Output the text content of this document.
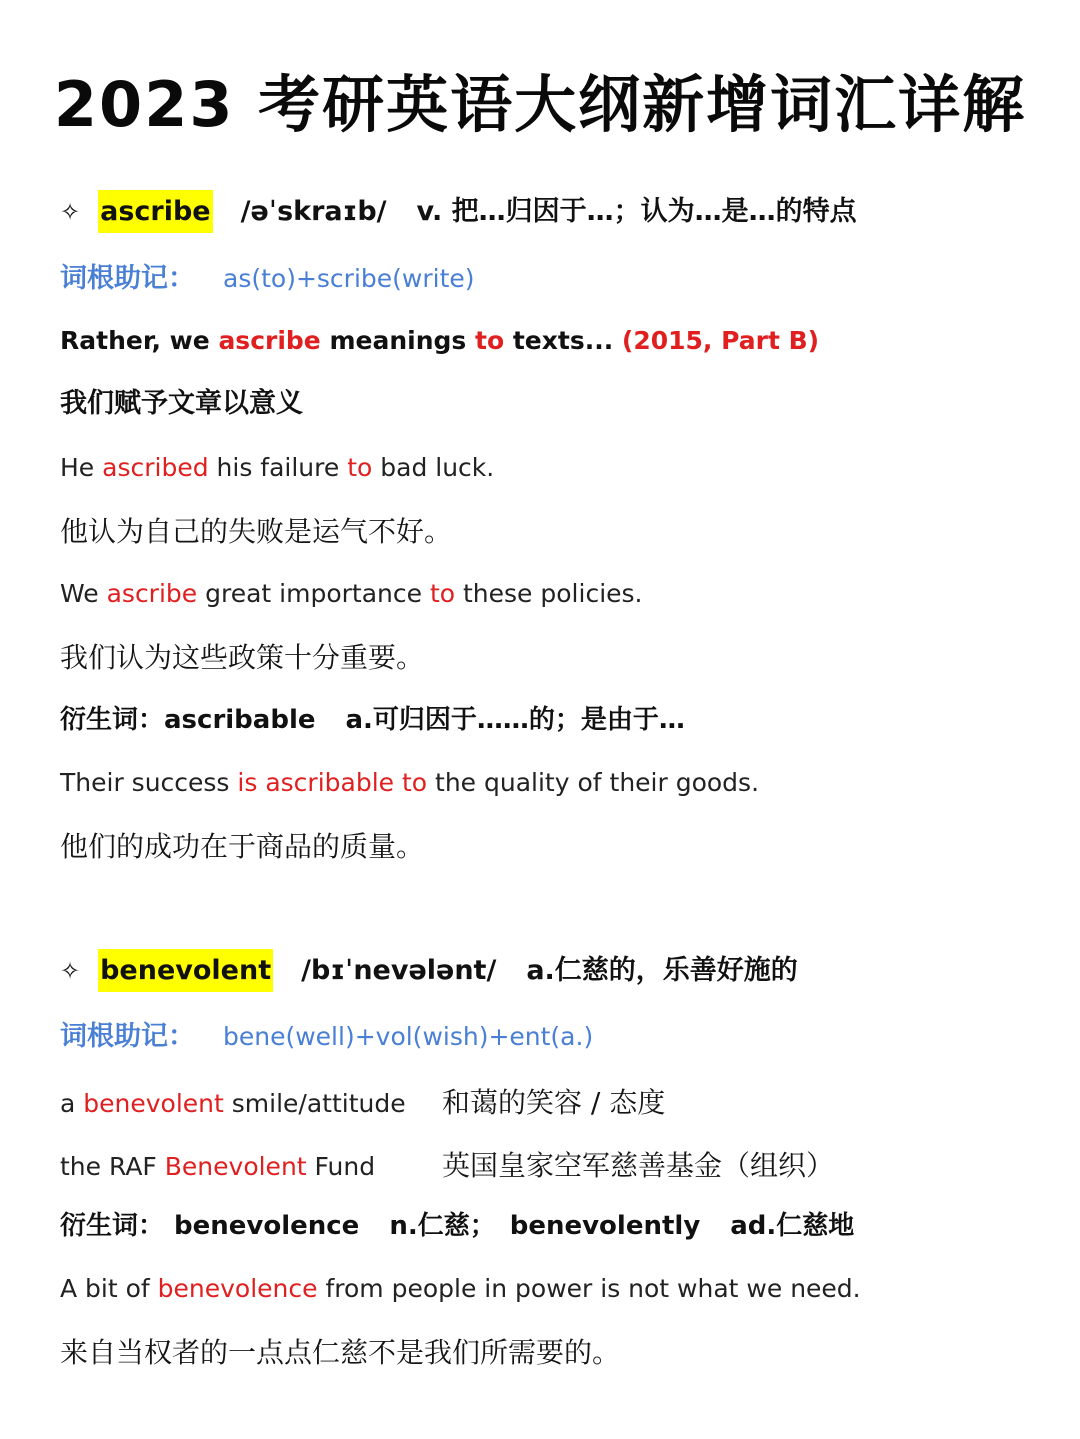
2023 考研英语大纲新增词汇详解
✧ ascribe /əˈskraɪb/ v. 把…归因于…；认为…是…的特点
词根助记： as(to)+scribe(write)
Rather, we ascribe meanings to texts... (2015, Part B)
我们赋予文章以意义
He ascribed his failure to bad luck.
他认为自己的失败是运气不好。
We ascribe great importance to these policies.
我们认为这些政策十分重要。
衍生词：ascribable a.可归因于……的；是由于…
Their success is ascribable to the quality of their goods.
他们的成功在于商品的质量。
✧ benevolent /bɪˈnevələnt/ a.仁慈的，乐善好施的
词根助记： bene(well)+vol(wish)+ent(a.)
a benevolent smile/attitude 和蔼的笑容 / 态度
the RAF Benevolent Fund 英国皇家空军慈善基金（组织）
衍生词： benevolence n.仁慈； benevolently ad.仁慈地
A bit of benevolence from people in power is not what we need.
来自当权者的一点点仁慈不是我们所需要的。
